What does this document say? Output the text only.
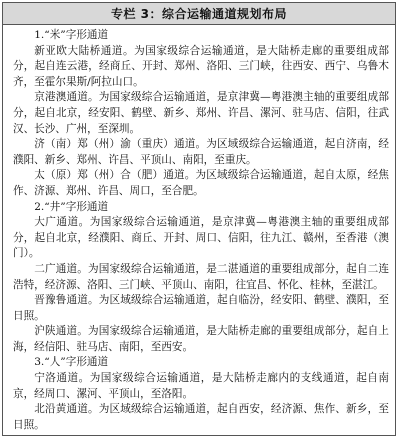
专栏 3：综合运输通道规划布局

1.“米”字形通道

新亚欧大陆桥通道。为国家级综合运输通道，是大陆桥走廊的重要组成部分，起自连云港，经商丘、开封、郑州、洛阳、三门峡，往西安、西宁、乌鲁木齐，至霍尔果斯/阿拉山口。

京港澳通道。为国家级综合运输通道，是京津冀—粤港澳主轴的重要组成部分，起自北京，经安阳、鹤壁、新乡、郑州、许昌、漯河、驻马店、信阳，往武汉、长沙、广州，至深圳。

济（南）郑（州）渝（重庆）通道。为区域级综合运输通道，起自济南，经濮阳、新乡、郑州、许昌、平顶山、南阳，至重庆。

太（原）郑（州）合（肥）通道。为区域级综合运输通道，起自太原，经焦作、济源、郑州、许昌、周口，至合肥。

2.“井”字形通道

大广通道。为国家级综合运输通道，是京津冀—粤港澳主轴的重要组成部分，起自北京，经濮阳、商丘、开封、周口、信阳，往九江、赣州，至香港（澳门）。

二广通道。为国家级综合运输通道，是二湛通道的重要组成部分，起自二连浩特，经济源、洛阳、三门峡、平顶山、南阳，往宜昌、怀化、桂林，至湛江。

晋豫鲁通道。为区域级综合运输通道，起自临汾，经安阳、鹤壁、濮阳，至日照。

沪陕通道。为国家级综合运输通道，是大陆桥走廊的重要组成部分，起自上海，经信阳、驻马店、南阳，至西安。

3.“人”字形通道

宁洛通道。为国家级综合运输通道，是大陆桥走廊内的支线通道，起自南京，经周口、漯河、平顶山，至洛阳。

北沿黄通道。为区域级综合运输通道，起自西安，经济源、焦作、新乡，至日照。
